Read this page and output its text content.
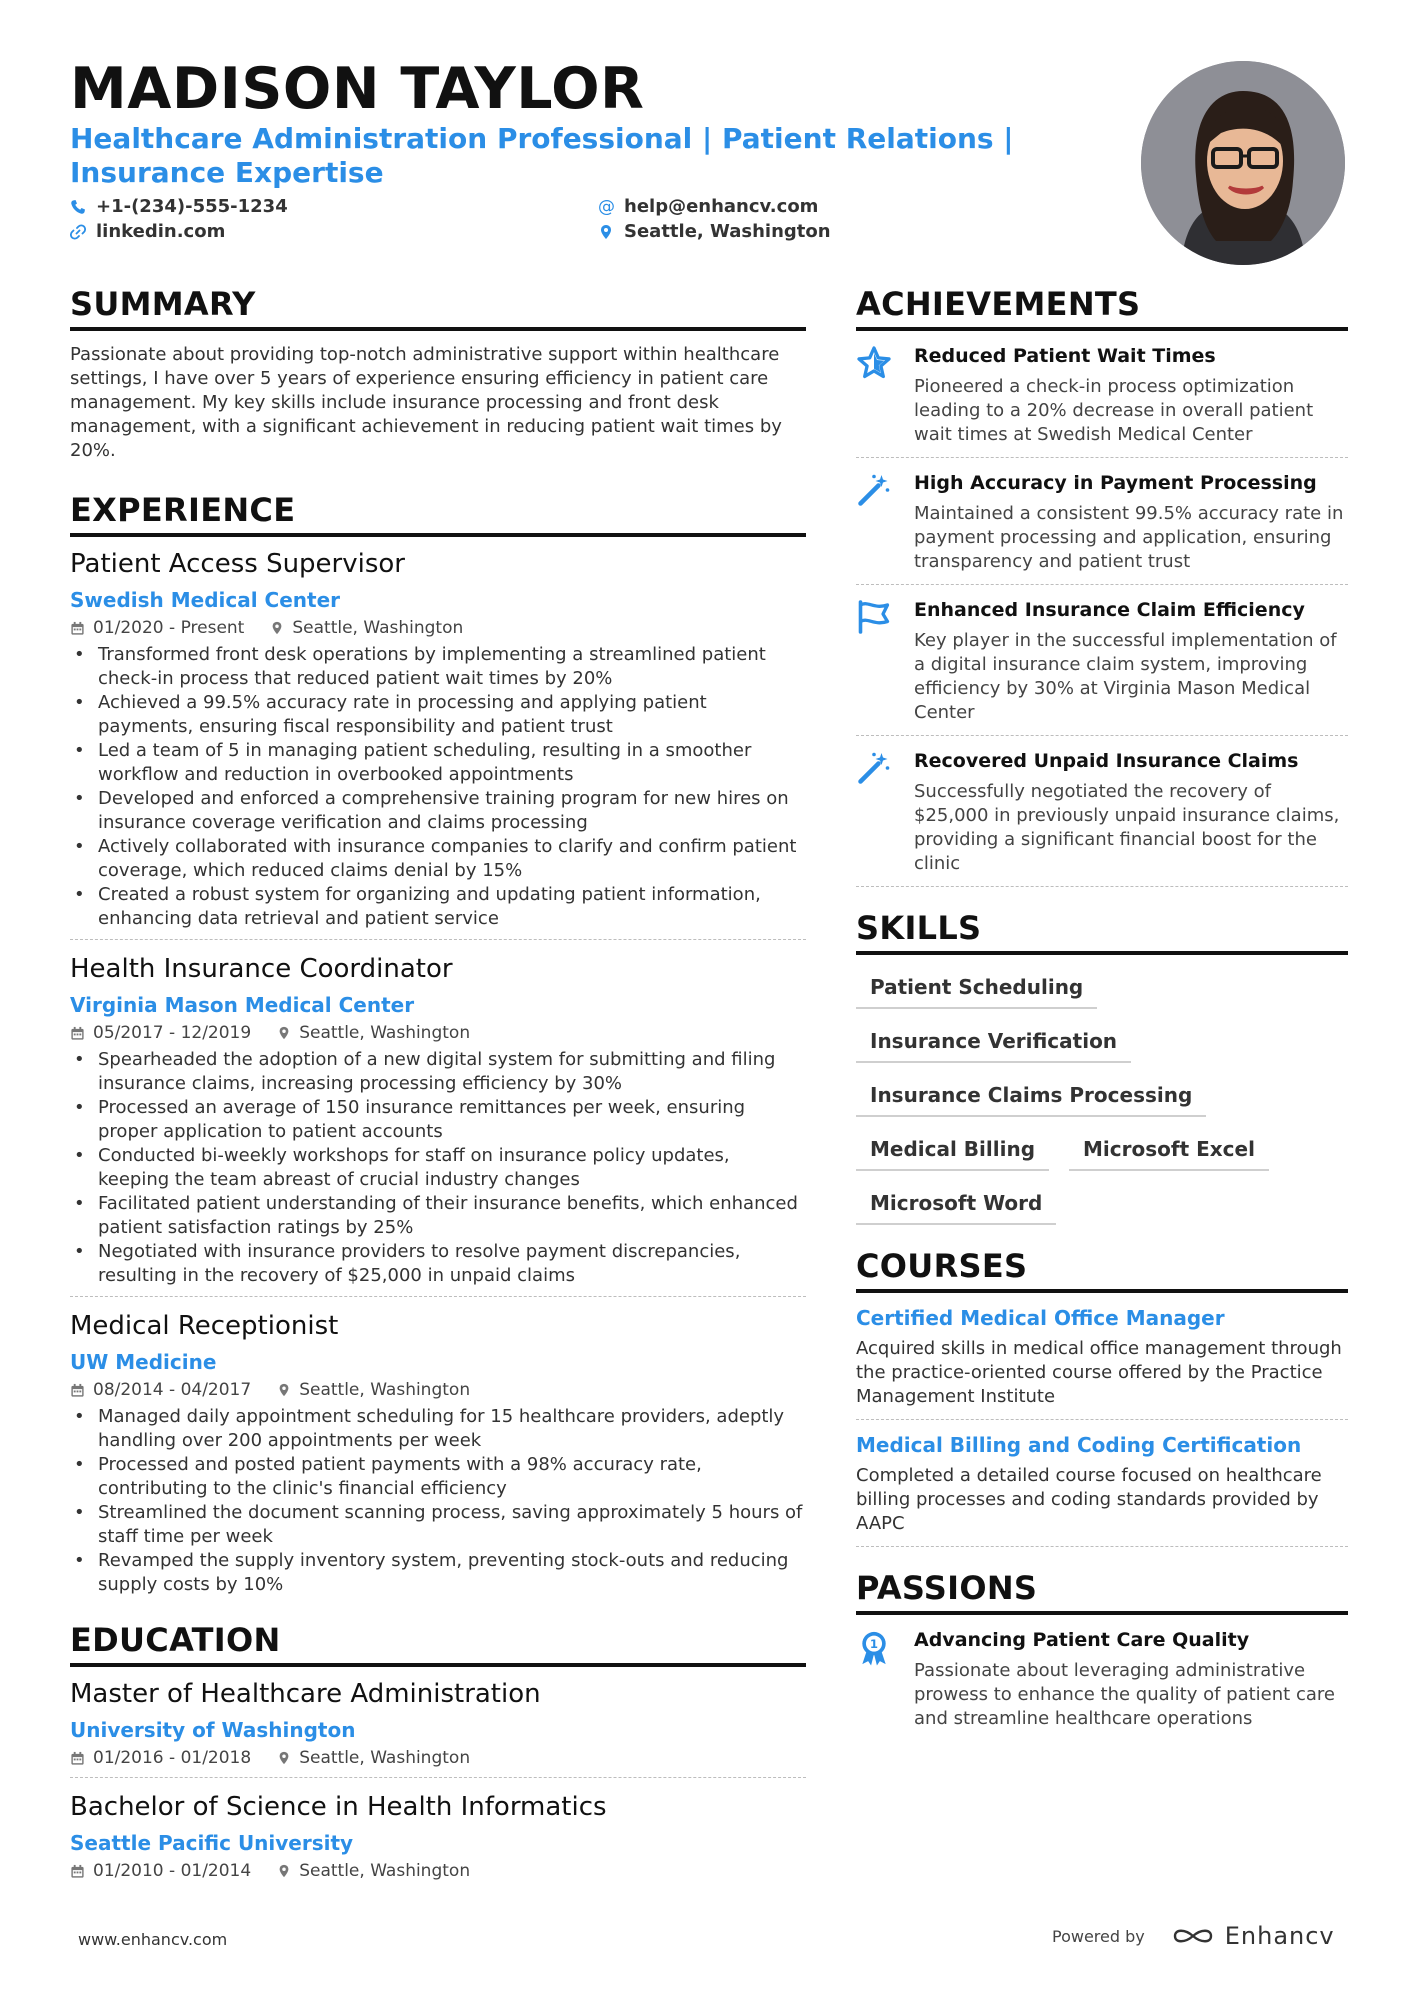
MADISON TAYLOR
Healthcare Administration Professional | Patient Relations | Insurance Expertise
+1-(234)-555-1234
linkedin.com
@ help@enhancv.com
Seattle, Washington
SUMMARY
Passionate about providing top-notch administrative support within healthcare settings, I have over 5 years of experience ensuring efficiency in patient care management. My key skills include insurance processing and front desk management, with a significant achievement in reducing patient wait times by 20%.
EXPERIENCE
Patient Access Supervisor
Swedish Medical Center
01/2020 - Present	Seattle, Washington
• Transformed front desk operations by implementing a streamlined patient check-in process that reduced patient wait times by 20%
• Achieved a 99.5% accuracy rate in processing and applying patient payments, ensuring fiscal responsibility and patient trust
• Led a team of 5 in managing patient scheduling, resulting in a smoother workflow and reduction in overbooked appointments
• Developed and enforced a comprehensive training program for new hires on insurance coverage verification and claims processing
• Actively collaborated with insurance companies to clarify and confirm patient coverage, which reduced claims denial by 15%
• Created a robust system for organizing and updating patient information, enhancing data retrieval and patient service
Health Insurance Coordinator
Virginia Mason Medical Center
05/2017 - 12/2019	Seattle, Washington
• Spearheaded the adoption of a new digital system for submitting and filing insurance claims, increasing processing efficiency by 30%
• Processed an average of 150 insurance remittances per week, ensuring proper application to patient accounts
• Conducted bi-weekly workshops for staff on insurance policy updates, keeping the team abreast of crucial industry changes
• Facilitated patient understanding of their insurance benefits, which enhanced patient satisfaction ratings by 25%
• Negotiated with insurance providers to resolve payment discrepancies, resulting in the recovery of $25,000 in unpaid claims
Medical Receptionist
UW Medicine
08/2014 - 04/2017	Seattle, Washington
• Managed daily appointment scheduling for 15 healthcare providers, adeptly handling over 200 appointments per week
• Processed and posted patient payments with a 98% accuracy rate, contributing to the clinic's financial efficiency
• Streamlined the document scanning process, saving approximately 5 hours of staff time per week
• Revamped the supply inventory system, preventing stock-outs and reducing supply costs by 10%
EDUCATION
Master of Healthcare Administration
University of Washington
01/2016 - 01/2018	Seattle, Washington
Bachelor of Science in Health Informatics
Seattle Pacific University
01/2010 - 01/2014	Seattle, Washington
ACHIEVEMENTS
Reduced Patient Wait Times
Pioneered a check-in process optimization leading to a 20% decrease in overall patient wait times at Swedish Medical Center
High Accuracy in Payment Processing
Maintained a consistent 99.5% accuracy rate in payment processing and application, ensuring transparency and patient trust
Enhanced Insurance Claim Efficiency
Key player in the successful implementation of a digital insurance claim system, improving efficiency by 30% at Virginia Mason Medical Center
Recovered Unpaid Insurance Claims
Successfully negotiated the recovery of $25,000 in previously unpaid insurance claims, providing a significant financial boost for the clinic
SKILLS
Patient Scheduling
Insurance Verification
Insurance Claims Processing
Medical Billing	Microsoft Excel
Microsoft Word
COURSES
Certified Medical Office Manager
Acquired skills in medical office management through the practice-oriented course offered by the Practice Management Institute
Medical Billing and Coding Certification
Completed a detailed course focused on healthcare billing processes and coding standards provided by AAPC
PASSIONS
1 Advancing Patient Care Quality
Passionate about leveraging administrative prowess to enhance the quality of patient care and streamline healthcare operations
www.enhancv.com	Powered by	Enhancv
